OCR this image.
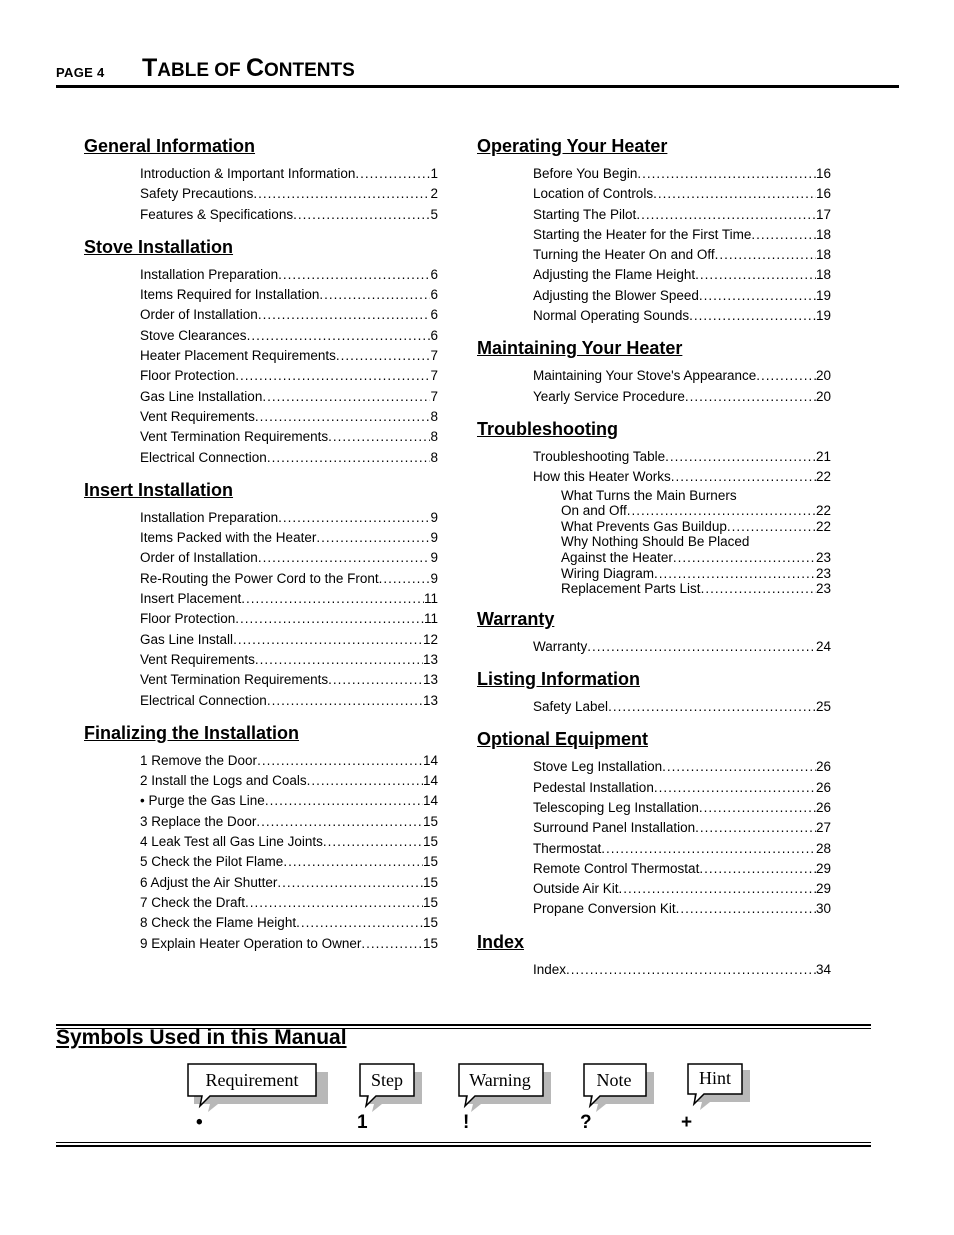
PAGE 4 TABLE OF CONTENTS
General Information
Introduction & Important Information .....	1
Safety Precautions .....	2
Features & Specifications .....	5
Stove Installation
Installation Preparation .....	6
Items Required for Installation .....	6
Order of Installation .....	6
Stove Clearances .....	6
Heater Placement Requirements .....	7
Floor Protection .....	7
Gas Line Installation .....	7
Vent Requirements .....	8
Vent Termination Requirements .....	8
Electrical Connection .....	8
Insert Installation
Installation Preparation .....	9
Items Packed with the Heater .....	9
Order of Installation .....	9
Re-Routing the Power Cord to the Front .....	9
Insert Placement .....	11
Floor Protection .....	11
Gas Line Install .....	12
Vent Requirements .....	13
Vent Termination Requirements .....	13
Electrical Connection .....	13
Finalizing the Installation
1 Remove the Door .....	14
2 Install the Logs and Coals .....	14
• Purge the Gas Line .....	14
3 Replace the Door .....	15
4 Leak Test all Gas Line Joints .....	15
5 Check the Pilot Flame .....	15
6 Adjust the Air Shutter .....	15
7 Check the Draft .....	15
8 Check the Flame Height .....	15
9 Explain Heater Operation to Owner .....	15
Operating Your Heater
Before You Begin .....	16
Location of Controls .....	16
Starting The Pilot .....	17
Starting the Heater for the First Time .....	18
Turning the Heater On and Off .....	18
Adjusting the Flame Height .....	18
Adjusting the Blower Speed .....	19
Normal Operating Sounds .....	19
Maintaining Your Heater
Maintaining Your Stove's Appearance .....	20
Yearly Service Procedure .....	20
Troubleshooting
Troubleshooting Table .....	21
How this Heater Works .....	22
What Turns the Main Burners
On and Off .....	22
What Prevents Gas Buildup .....	22
Why Nothing Should Be Placed
Against the Heater .....	23
Wiring Diagram .....	23
Replacement Parts List .....	23
Warranty
Warranty .....	24
Listing Information
Safety Label .....	25
Optional Equipment
Stove Leg Installation .....	26
Pedestal Installation .....	26
Telescoping Leg Installation .....	26
Surround Panel Installation .....	27
Thermostat .....	28
Remote Control Thermostat .....	29
Outside Air Kit .....	29
Propane Conversion Kit .....	30
Index
Index .....	34
Symbols Used in this Manual
Requirement	Step	Warning	Note	Hint
•	1	!	?	+
